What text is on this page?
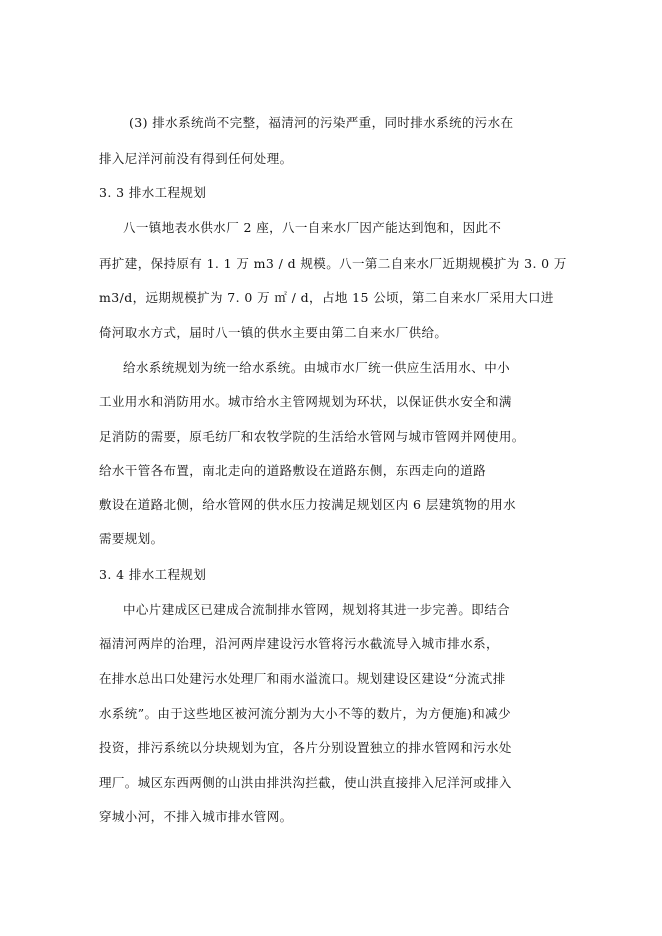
(3) 排水系统尚不完整，福清河的污染严重，同时排水系统的污水在
排入尼洋河前没有得到任何处理。
3. 3 排水工程规划
八一镇地表水供水厂 2 座，八一自来水厂因产能达到饱和，因此不
再扩建，保持原有 1. 1 万 m3 / d 规模。八一第二自来水厂近期规模扩为 3. 0 万
m3/d，远期规模扩为 7. 0 万 ㎡ / d，占地 15 公顷，第二自来水厂采用大口进
倚河取水方式，届时八一镇的供水主要由第二自来水厂供给。
给水系统规划为统一给水系统。由城市水厂统一供应生活用水、中小
工业用水和消防用水。城市给水主管网规划为环状，以保证供水安全和满
足消防的需要，原毛纺厂和农牧学院的生活给水管网与城市管网并网使用。
给水干管各布置，南北走向的道路敷设在道路东侧，东西走向的道路
敷设在道路北侧，给水管网的供水压力按满足规划区内 6 层建筑物的用水
需要规划。
3. 4 排水工程规划
中心片建成区已建成合流制排水管网，规划将其进一步完善。即结合
福清河两岸的治理，沿河两岸建设污水管将污水截流导入城市排水系，
在排水总出口处建污水处理厂和雨水溢流口。规划建设区建设“分流式排
水系统”。由于这些地区被河流分割为大小不等的数片，为方便施)和减少
投资，排污系统以分块规划为宜，各片分别设置独立的排水管网和污水处
理厂。城区东西两侧的山洪由排洪沟拦截，使山洪直接排入尼洋河或排入
穿城小河，不排入城市排水管网。
